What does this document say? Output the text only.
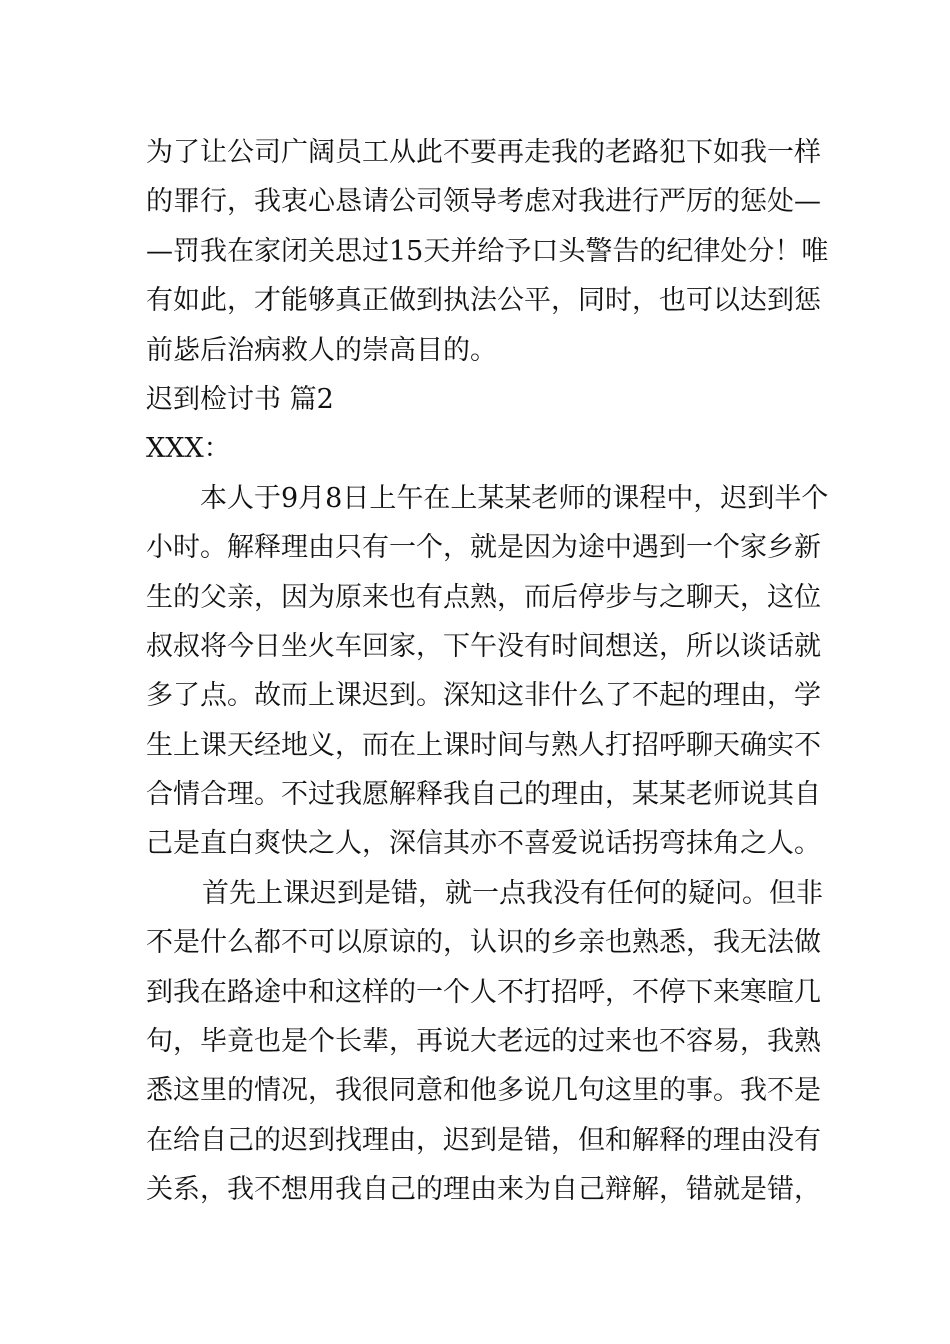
为了让公司广阔员工从此不要再走我的老路犯下如我一样
的罪行，我衷心恳请公司领导考虑对我进行严厉的惩处—
—罚我在家闭关思过15天并给予口头警告的纪律处分！唯
有如此，才能够真正做到执法公平，同时，也可以达到惩
前毖后治病救人的崇高目的。
迟到检讨书 篇2
XXX：
本人于9月8日上午在上某某老师的课程中，迟到半个
小时。解释理由只有一个，就是因为途中遇到一个家乡新
生的父亲，因为原来也有点熟，而后停步与之聊天，这位
叔叔将今日坐火车回家，下午没有时间想送，所以谈话就
多了点。故而上课迟到。深知这非什么了不起的理由，学
生上课天经地义，而在上课时间与熟人打招呼聊天确实不
合情合理。不过我愿解释我自己的理由，某某老师说其自
己是直白爽快之人，深信其亦不喜爱说话拐弯抹角之人。
首先上课迟到是错，就一点我没有任何的疑问。但非
不是什么都不可以原谅的，认识的乡亲也熟悉，我无法做
到我在路途中和这样的一个人不打招呼，不停下来寒暄几
句，毕竟也是个长辈，再说大老远的过来也不容易，我熟
悉这里的情况，我很同意和他多说几句这里的事。我不是
在给自己的迟到找理由，迟到是错，但和解释的理由没有
关系，我不想用我自己的理由来为自己辩解，错就是错，
